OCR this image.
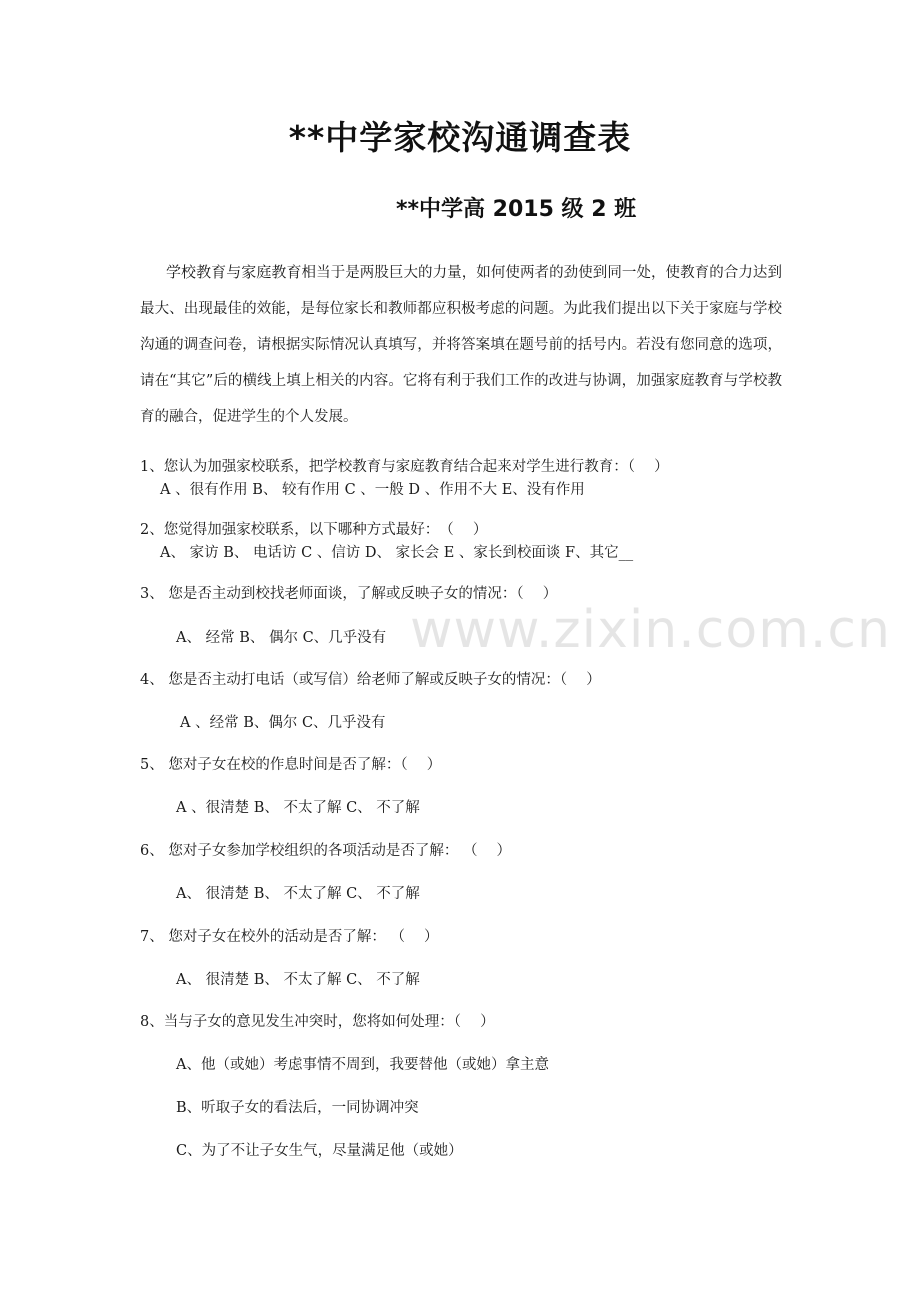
**中学家校沟通调查表
**中学高 2015 级 2 班
学校教育与家庭教育相当于是两股巨大的力量，如何使两者的劲使到同一处，使教育的合力达到最大、出现最佳的效能，是每位家长和教师都应积极考虑的问题。为此我们提出以下关于家庭与学校沟通的调查问卷，请根据实际情况认真填写，并将答案填在题号前的括号内。若没有您同意的选项，请在“其它”后的横线上填上相关的内容。它将有利于我们工作的改进与协调，加强家庭教育与学校教育的融合，促进学生的个人发展。
1、您认为加强家校联系，把学校教育与家庭教育结合起来对学生进行教育：（　 ）
A 、很有作用 B、 较有作用 C 、一般 D 、作用不大 E、没有作用
2、您觉得加强家校联系，以下哪种方式最好：　（　 ）
A、 家访 B、 电话访 C 、信访 D、 家长会 E 、家长到校面谈 F、其它__
3、 您是否主动到校找老师面谈，了解或反映子女的情况：（　 ）
A、 经常 B、 偶尔 C、几乎没有
4、 您是否主动打电话（或写信）给老师了解或反映子女的情况：（　 ）
A 、经常 B、偶尔 C、几乎没有
5、 您对子女在校的作息时间是否了解：（　 ）
A 、很清楚 B、 不太了解 C、 不了解
6、 您对子女参加学校组织的各项活动是否了解： （　 ）
A、 很清楚 B、 不太了解 C、 不了解
7、 您对子女在校外的活动是否了解： （　 ）
A、 很清楚 B、 不太了解 C、 不了解
8、当与子女的意见发生冲突时，您将如何处理：（　 ）
A、他（或她）考虑事情不周到，我要替他（或她）拿主意
B、听取子女的看法后，一同协调冲突
C、为了不让子女生气，尽量满足他（或她）
www.zixin.com.cn
